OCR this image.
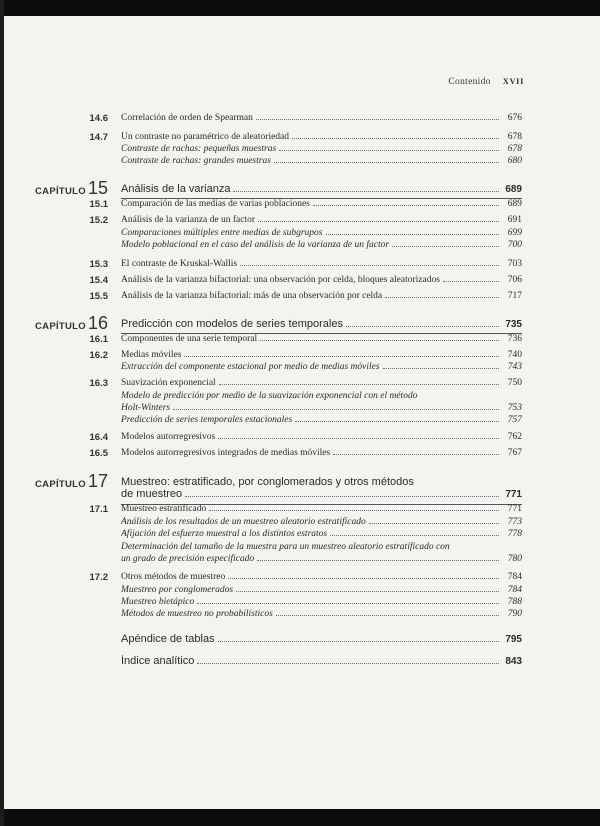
Contenido XVII
14.6 Correlación de orden de Spearman	676
14.7 Un contraste no paramétrico de aleatoriedad	678
Contraste de rachas: pequeñas muestras	678
Contraste de rachas: grandes muestras	680
CAPÍTULO 15 Análisis de la varianza	689
15.1 Comparación de las medias de varias poblaciones	689
15.2 Análisis de la varianza de un factor	691
Comparaciones múltiples entre medias de subgrupos	699
Modelo poblacional en el caso del análisis de la varianza de un factor	700
15.3 El contraste de Kruskal-Wallis	703
15.4 Análisis de la varianza bifactorial: una observación por celda, bloques aleatorizados	706
15.5 Análisis de la varianza bifactorial: más de una observación por celda	717
CAPÍTULO 16 Predicción con modelos de series temporales	735
16.1 Componentes de una serie temporal	736
16.2 Medias móviles	740
Extracción del componente estacional por medio de medias móviles	743
16.3 Suavización exponencial	750
Modelo de predicción por medio de la suavización exponencial con el método
Holt-Winters	753
Predicción de series temporales estacionales	757
16.4 Modelos autorregresivos	762
16.5 Modelos autorregresivos integrados de medias móviles	767
CAPÍTULO 17 Muestreo: estratificado, por conglomerados y otros métodos
de muestreo	771
17.1 Muestreo estratificado	771
Análisis de los resultados de un muestreo aleatorio estratificado	773
Afijación del esfuerzo muestral a los distintos estratos	778
Determinación del tamaño de la muestra para un muestreo aleatorio estratificado con
un grado de precisión especificado	780
17.2 Otros métodos de muestreo	784
Muestreo por conglomerados	784
Muestreo bietápico	788
Métodos de muestreo no probabilísticos	790
Apéndice de tablas	795
Índice analítico	843
